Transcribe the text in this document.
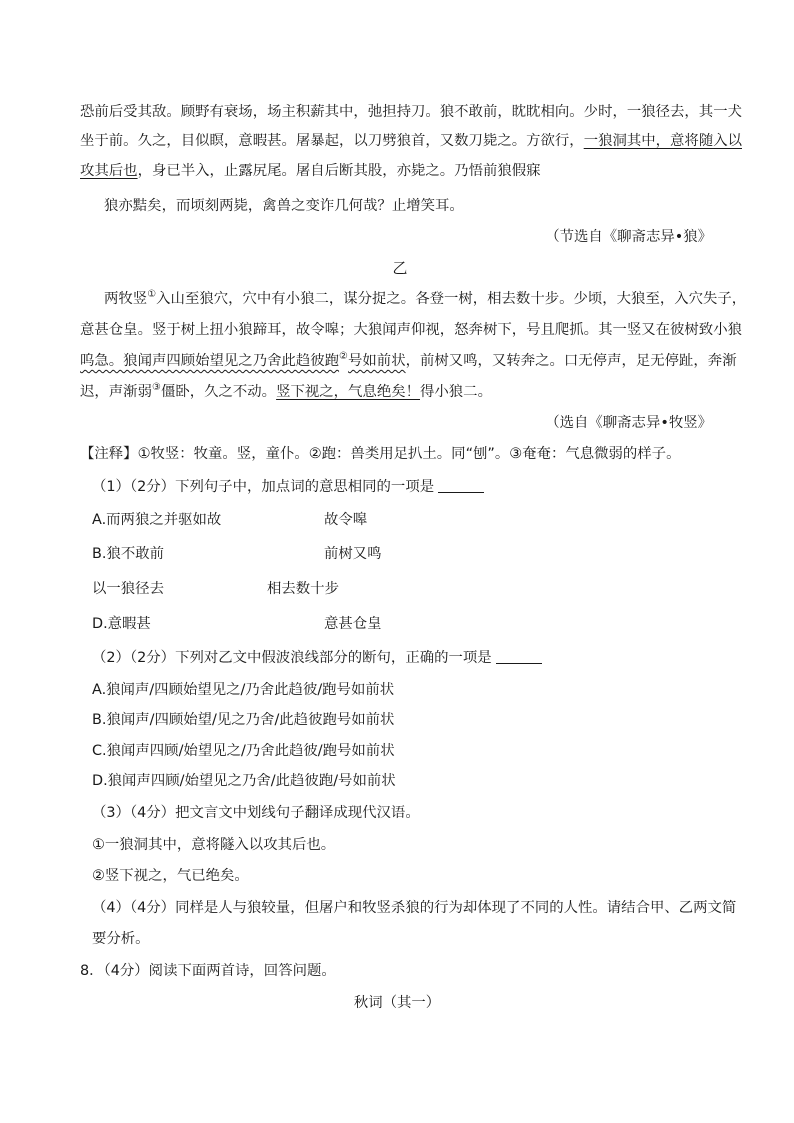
恐前后受其敌。顾野有衰场，场主积薪其中，弛担持刀。狼不敢前，眈眈相向。少时，一狼径去，其一犬
坐于前。久之，目似瞑，意暇甚。屠暴起，以刀劈狼首，又数刀毙之。方欲行，一狼洞其中，意将随入以
攻其后也，身已半入，止露尻尾。屠自后断其股，亦毙之。乃悟前狼假寐
狼亦黠矣，而顷刻两毙，禽兽之变诈几何哉？止增笑耳。
（节选自《聊斋志异•狼》
乙
两牧竖①入山至狼穴，穴中有小狼二，谋分捉之。各登一树，相去数十步。少顷，大狼至，入穴失子，
意甚仓皇。竖于树上扭小狼蹄耳，故令嗥；大狼闻声仰视，怒奔树下，号且爬抓。其一竖又在彼树致小狼
呜急。狼闻声四顾始望见之乃舍此趋彼跑②号如前状，前树又鸣，又转奔之。口无停声，足无停趾，奔渐
迟，声渐弱③僵卧，久之不动。竖下视之，气息绝矣！得小狼二。
（选自《聊斋志异•牧竖》
【注释】①牧竖：牧童。竖，童仆。②跑：兽类用足扒土。同“刨”。③奄奄：气息微弱的样子。
（1）（2分）下列句子中，加点词的意思相同的一项是
A.而两狼之并驱如故	故令嗥
B.狼不敢前	前树又鸣
以一狼径去	相去数十步
D.意暇甚	意甚仓皇
（2）（2分）下列对乙文中假波浪线部分的断句，正确的一项是
A.狼闻声/四顾始望见之/乃舍此趋彼/跑号如前状
B.狼闻声/四顾始望/见之乃舍/此趋彼跑号如前状
C.狼闻声四顾/始望见之/乃舍此趋彼/跑号如前状
D.狼闻声四顾/始望见之乃舍/此趋彼跑/号如前状
（3）（4分）把文言文中划线句子翻译成现代汉语。
①一狼洞其中，意将隧入以攻其后也。
②竖下视之，气已绝矣。
（4）（4分）同样是人与狼较量，但屠户和牧竖杀狼的行为却体现了不同的人性。请结合甲、乙两文简
要分析。
8．（4分）阅读下面两首诗，回答问题。
秋词（其一）
